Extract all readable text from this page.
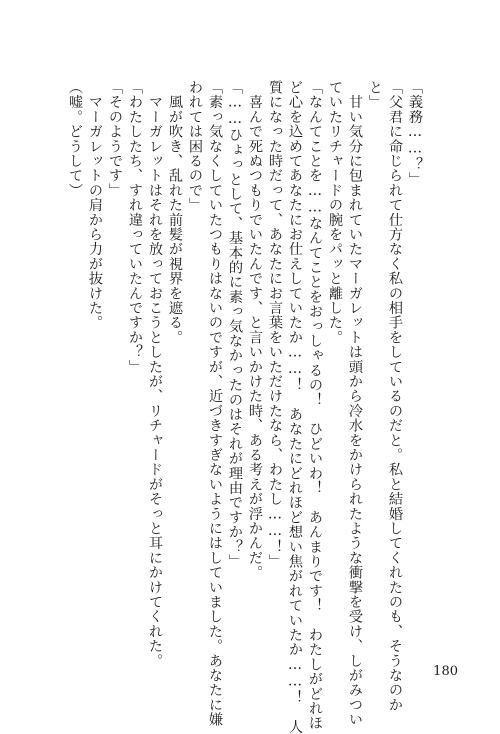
「義務……？」
「父君に命じられて仕方なく私の相手をしているのだと。私と結婚してくれたのも、そうなのか
と」
　甘い気分に包まれていたマーガレットは頭から冷水をかけられたような衝撃を受け、しがみつい
ていたリチャードの腕をパッと離した。
「なんてことを……なんてことをおっしゃるの！　ひどいわ！　あんまりです！　わたしがどれほ
ど心を込めてあなたにお仕えしていたか……！　あなたにどれほど想い焦がれていたか……！　人
質になった時だって、あなたにお言葉をいただけたなら、わたし……！」
　喜んで死ぬつもりでいたんです、と言いかけた時、ある考えが浮かんだ。
「……ひょっとして、基本的に素っ気なかったのはそれが理由ですか？」
「素っ気なくしていたつもりはないのですが、近づきすぎないようにはしていました。あなたに嫌
われては困るので」
　風が吹き、乱れた前髪が視界を遮る。
　マーガレットはそれを放っておこうとしたが、リチャードがそっと耳にかけてくれた。
「わたしたち、すれ違っていたんですか？」
「そのようです」
　マーガレットの肩から力が抜けた。
（嘘。どうして）
180
